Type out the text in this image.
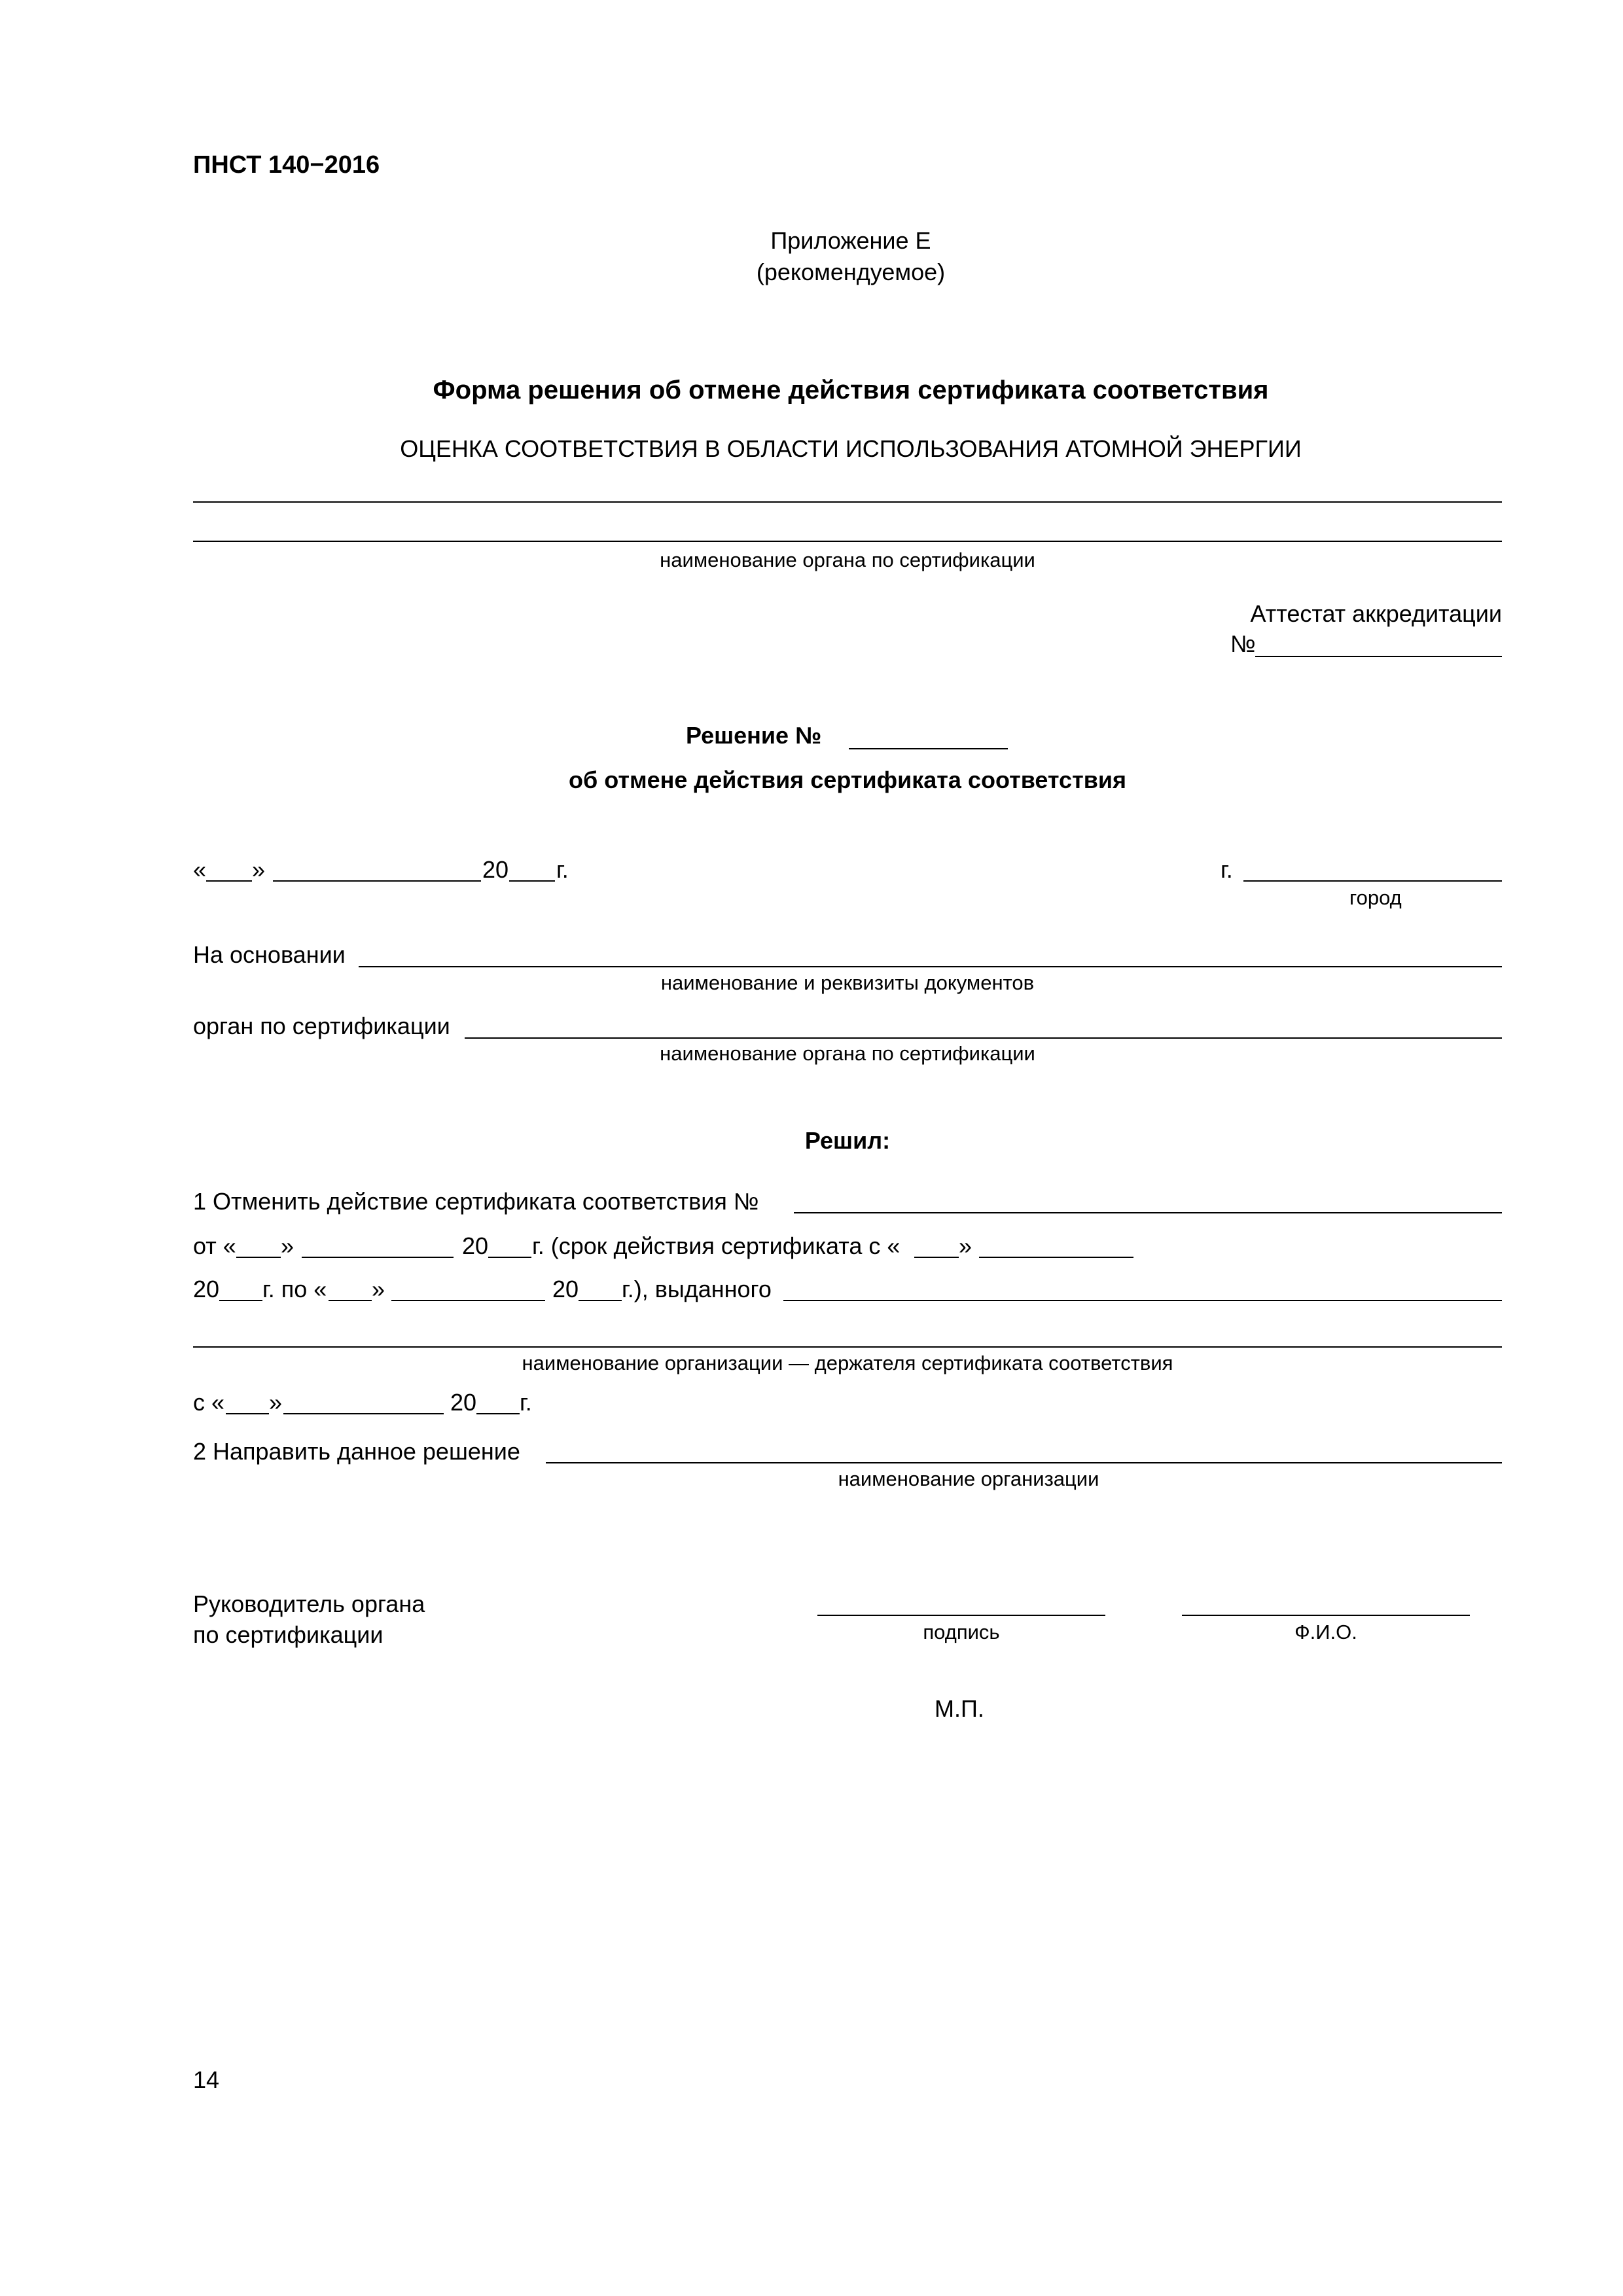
ПНСТ 140−2016
Приложение Е
(рекомендуемое)
Форма решения об отмене действия сертификата соответствия
ОЦЕНКА СООТВЕТСТВИЯ В ОБЛАСТИ ИСПОЛЬЗОВАНИЯ АТОМНОЙ ЭНЕРГИИ
наименование органа по сертификации
Аттестат аккредитации
№
Решение №
об отмене действия сертификата соответствия
« »	20 г.	г.
город
На основании
наименование и реквизиты документов
орган по сертификации
наименование органа по сертификации
Решил:
1 Отменить действие сертификата соответствия №
от « »	20 г. (срок действия сертификата с « »
20 г. по « »	20 г.), выданного
наименование организации — держателя сертификата соответствия
с « »	20 г.
2 Направить данное решение
наименование организации
Руководитель органа
по сертификации	подпись	Ф.И.О.
М.П.
14
